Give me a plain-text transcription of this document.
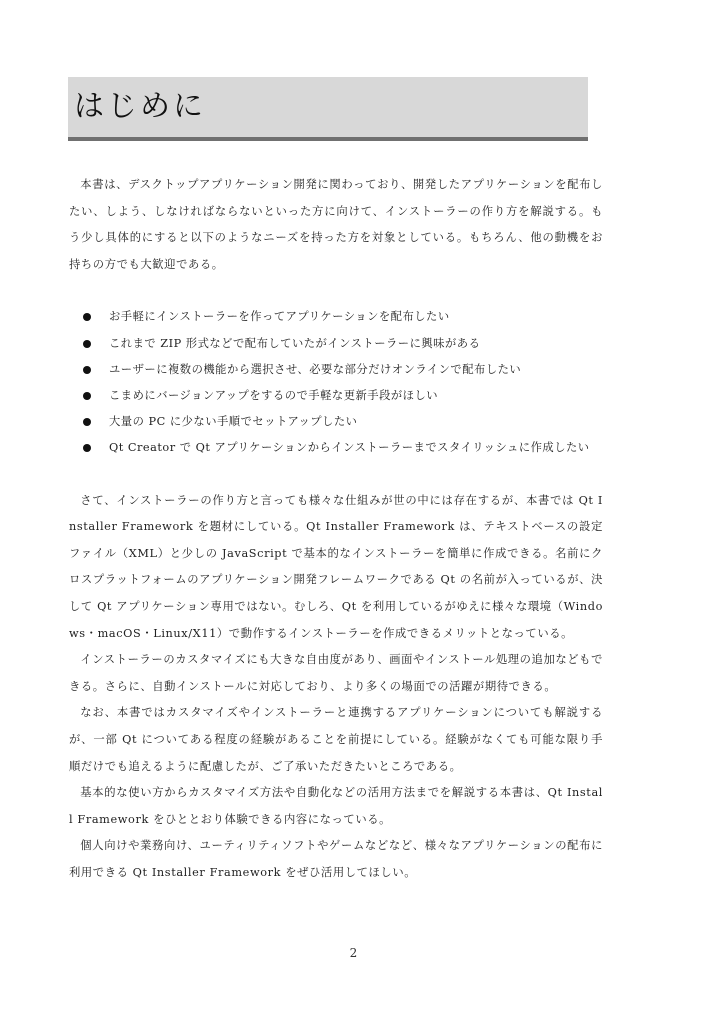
はじめに

本書は、デスクトップアプリケーション開発に関わっており、開発したアプリケーションを配布したい、しよう、しなければならないといった方に向けて、インストーラーの作り方を解説する。もう少し具体的にすると以下のようなニーズを持った方を対象としている。もちろん、他の動機をお持ちの方でも大歓迎である。

お手軽にインストーラーを作ってアプリケーションを配布したい
これまで ZIP 形式などで配布していたがインストーラーに興味がある
ユーザーに複数の機能から選択させ、必要な部分だけオンラインで配布したい
こまめにバージョンアップをするので手軽な更新手段がほしい
大量の PC に少ない手順でセットアップしたい
Qt Creator で Qt アプリケーションからインストーラーまでスタイリッシュに作成したい

さて、インストーラーの作り方と言っても様々な仕組みが世の中には存在するが、本書では Qt Installer Framework を題材にしている。Qt Installer Framework は、テキストベースの設定ファイル（XML）と少しの JavaScript で基本的なインストーラーを簡単に作成できる。名前にクロスプラットフォームのアプリケーション開発フレームワークである Qt の名前が入っているが、決して Qt アプリケーション専用ではない。むしろ、Qt を利用しているがゆえに様々な環境（Windows・macOS・Linux/X11）で動作するインストーラーを作成できるメリットとなっている。

インストーラーのカスタマイズにも大きな自由度があり、画面やインストール処理の追加などもできる。さらに、自動インストールに対応しており、より多くの場面での活躍が期待できる。

なお、本書ではカスタマイズやインストーラーと連携するアプリケーションについても解説するが、一部 Qt についてある程度の経験があることを前提にしている。経験がなくても可能な限り手順だけでも追えるように配慮したが、ご了承いただきたいところである。

基本的な使い方からカスタマイズ方法や自動化などの活用方法までを解説する本書は、Qt Install Framework をひととおり体験できる内容になっている。

個人向けや業務向け、ユーティリティソフトやゲームなどなど、様々なアプリケーションの配布に利用できる Qt Installer Framework をぜひ活用してほしい。

2
